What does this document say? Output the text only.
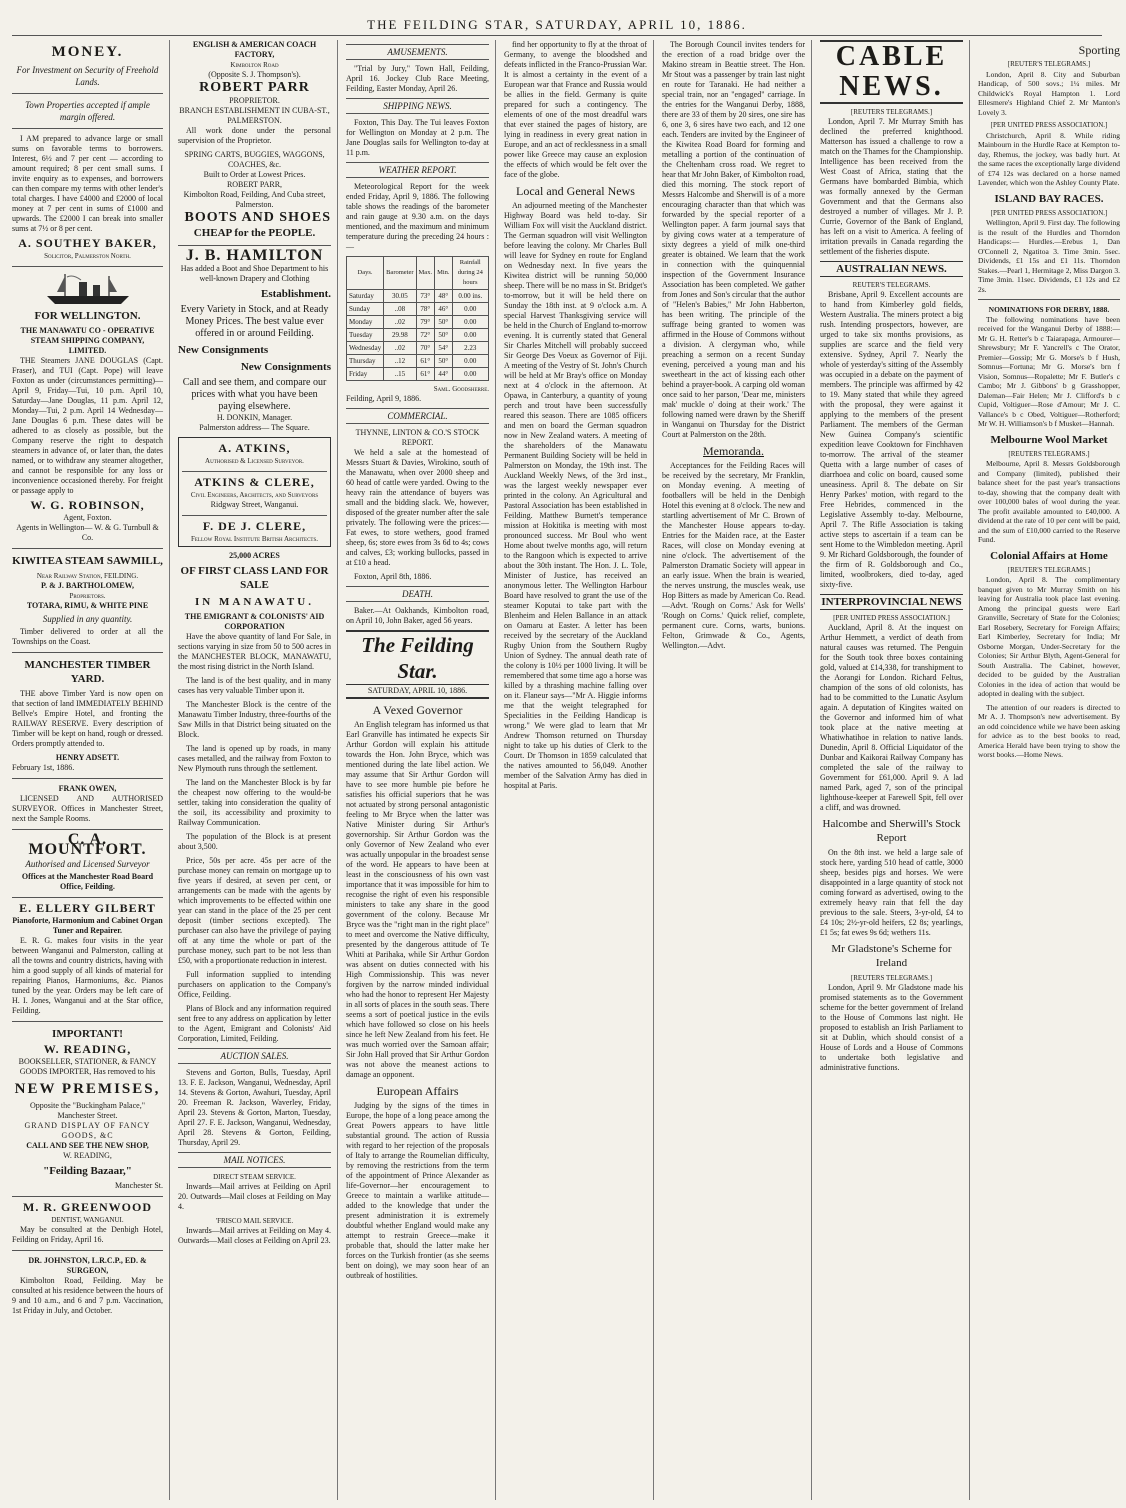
THE FEILDING STAR, SATURDAY, APRIL 10, 1886.
MONEY.
For Investment on Security of Freehold Lands.
Town Properties accepted if ample margin offered.

I AM prepared to advance large or small sums on favorable terms to borrowers. Interest, 6½ and 7 per cent — according to amount required; 8 per cent small sums. I invite enquiry as to expenses, and borrowers can then compare my terms with other lender's total charges. I have £4000 and £2000 of local money at 7 per cent in sums of £1000 and upwards. The £2000 I can break into smaller sums at 7½ or 8 per cent.

A. SOUTHEY BAKER,
Solicitor, Palmerston North.
FOR WELLINGTON.
THE MANAWATU CO - OPERATIVE STEAM SHIPPING COMPANY, LIMITED.

THE Steamers JANE DOUGLAS (Capt. Fraser), and TUI (Capt. Pope) will leave Foxton as under (circumstances permitting)— April 9, Friday—Tui, 10 p.m. April 10, Saturday—Jane Douglas, 11 p.m. April 12, Monday—Tui, 2 p.m. April 14 Wednesday—Jane Douglas 6 p.m. These dates will be adhered to as closely as possible, but the Company reserve the right to despatch steamers in advance of, or later than, the dates named, or to withdraw any steamer altogether, and cannot be responsible for any loss or inconvenience occasioned thereby. For freight or passage apply to

W. G. ROBINSON,
Agent, Foxton.
Agents in Wellington— W. & G. Turnbull & Co.
KIWITEA STEAM SAWMILL,
Near Railway Station, FEILDING.
P. & J. BARTHOLOMEW,
Proprietors.
TOTARA, RIMU, & WHITE PINE
Supplied in any quantity.

Timber delivered to order at all the Townships on the Coast.

MANCHESTER TIMBER YARD.

THE above Timber Yard is now open on that section of land IMMEDIATELY BEHIND Bellve's Empire Hotel, and fronting the RAILWAY RESERVE. Every description of Timber will be kept on hand, rough or dressed. Orders promptly attended to.

HENRY ADSETT.
February 1st, 1886.
FRANK OWEN,

LICENSED AND AUTHORISED SURVEYOR. Offices in Manchester Street, next the Sample Rooms.

C. A. MOUNTFORT.
Authorised and Licensed Surveyor
Offices at the Manchester Road Board Office, Feilding.
E. ELLERY GILBERT
Pianoforte, Harmonium and Cabinet Organ Tuner and Repairer.

E. R. G. makes four visits in the year between Wanganui and Palmerston, calling at all the towns and country districts, having with him a good supply of all kinds of material for repairing Pianos, Harmoniums, &c. Pianos tuned by the year. Orders may be left care of H. I. Jones, Wanganui and at the Star office, Feilding.

IMPORTANT!
W. READING,
BOOKSELLER, STATIONER, & FANCY GOODS IMPORTER, Has removed to his
NEW PREMISES,
Opposite the "Buckingham Palace," Manchester Street.
GRAND DISPLAY OF FANCY GOODS, &C
CALL AND SEE THE NEW SHOP,
W. READING,
"Feilding Bazaar,"
Manchester St.
M. R. GREENWOOD
DENTIST, WANGANUI.

May be consulted at the Denbigh Hotel, Feilding on Friday, April 16.

DR. JOHNSTON, L.R.C.P., ED. & SURGEON,

Kimbolton Road, Feilding. May be consulted at his residence between the hours of 9 and 10 a.m., and 6 and 7 p.m. Vaccination, 1st Friday in July, and October.

ENGLISH & AMERICAN COACH FACTORY,
Kimbolton Road
(Opposite S. J. Thompson's).
ROBERT PARR
PROPRIETOR.
BRANCH ESTABLISHMENT IN CUBA-ST., PALMERSTON.

All work done under the personal supervision of the Proprietor.

SPRING CARTS, BUGGIES, WAGGONS, COACHES, &c.
Built to Order at Lowest Prices.
ROBERT PARR,
Kimbolton Road, Feilding, And Cuba street, Palmerston.
BOOTS AND SHOES
CHEAP for the PEOPLE.
J. B. HAMILTON
Has added a Boot and Shoe Department to his well-known Drapery and Clothing
Establishment.
Every Variety in Stock, and at Ready Money Prices. The best value ever offered in or around Feilding.
New Consignments
New Consignments
Call and see them, and compare our prices with what you have been paying elsewhere.
H. DONKIN, Manager.
Palmerston address— The Square.
A. ATKINS,
Authorised & Licensed Surveyor.
ATKINS & CLERE,
Civil Engineers, Architects, and Surveyors
Ridgway Street, Wanganui.
F. DE J. CLERE,
Fellow Royal Institute British Architects.
25,000 ACRES
OF FIRST CLASS LAND FOR SALE
IN MANAWATU.
THE EMIGRANT & COLONISTS' AID CORPORATION

Have the above quantity of land For Sale, in sections varying in size from 50 to 500 acres in the MANCHESTER BLOCK, MANAWATU, the most rising district in the North Island.

The land is of the best quality, and in many cases has very valuable Timber upon it.

The Manchester Block is the centre of the Manawatu Timber Industry, three-fourths of the Saw Mills in that District being situated on the Block.

The land is opened up by roads, in many cases metalled, and the railway from Foxton to New Plymouth runs through the settlement.

The land on the Manchester Block is by far the cheapest now offering to the would-be settler, taking into consideration the quality of the soil, its accessibility and proximity to Railway Communication.

The population of the Block is at present about 3,500.

Price, 50s per acre. 45s per acre of the purchase money can remain on mortgage up to five years if desired, at seven per cent, or arrangements can be made with the agents by which improvements to be effected within one year can stand in the place of the 25 per cent deposit (timber sections excepted). The purchaser can also have the privilege of paying off at any time the whole or part of the purchase money, such part to be not less than £50, with a proportionate reduction in interest.

Full information supplied to intending purchasers on application to the Company's Office, Feilding.

Plans of Block and any information required sent free to any address on application by letter to the Agent, Emigrant and Colonists' Aid Corporation, Limited, Feilding.

AUCTION SALES.

Stevens and Gorton, Bulls, Tuesday, April 13. F. E. Jackson, Wanganui, Wednesday, April 14. Stevens & Gorton, Awahuri, Tuesday, April 20. Freeman R. Jackson, Waverley, Friday, April 23. Stevens & Gorton, Marton, Tuesday, April 27. F. E. Jackson, Wanganui, Wednesday, April 28. Stevens & Gorton, Feilding, Thursday, April 29.

MAIL NOTICES.
DIRECT STEAM SERVICE.

Inwards—Mail arrives at Feilding on April 20. Outwards—Mail closes at Feilding on May 4.

'FRISCO MAIL SERVICE.

Inwards—Mail arrives at Feilding on May 4. Outwards—Mail closes at Feilding on April 23.

AMUSEMENTS.

"Trial by Jury," Town Hall, Feilding, April 16. Jockey Club Race Meeting, Feilding, Easter Monday, April 26.

SHIPPING NEWS.

Foxton, This Day. The Tui leaves Foxton for Wellington on Monday at 2 p.m. The Jane Douglas sails for Wellington to-day at 11 p.m.

WEATHER REPORT.

Meteorological Report for the week ended Friday, April 9, 1886. The following table shows the readings of the barometer and rain gauge at 9.30 a.m. on the days mentioned, and the maximum and minimum temperature during the preceding 24 hours :—

Days.	Barometer	Max.	Min.	Rainfall during 24 hours
Saturday	30.05	73°	48°	0.00 ins.
Sunday	..08	78°	46°	0.00
Monday	..02	79°	50°	0.00
Tuesday	29.98	72°	50°	0.00
Wednesday	..02	70°	54°	2.23
Thursday	..12	61°	50°	0.00
Friday	..15	61°	44°	0.00
Saml. Goodsherre.
Feilding, April 9, 1886.
COMMERCIAL.
THYNNE, LINTON & CO.'S STOCK REPORT.

We held a sale at the homestead of Messrs Stuart & Davies, Wirokino, south of the Manawatu, when over 2000 sheep and 60 head of cattle were yarded. Owing to the heavy rain the attendance of buyers was small and the bidding slack. We, however, disposed of the greater number after the sale privately. The following were the prices:—Fat ewes, to store wethers, good framed sheep, 6s; store ewes from 3s 6d to 4s; cows and calves, £3; working bullocks, passed in at £10 a head.

Foxton, April 8th, 1886.

DEATH.

Baker.—At Oakhands, Kimbolton road, on April 10, John Baker, aged 56 years.

The Feilding Star.
SATURDAY, APRIL 10, 1886.
A Vexed Governor

An English telegram has informed us that Earl Granville has intimated he expects Sir Arthur Gordon will explain his attitude towards the Hon. John Bryce, which was mentioned during the late libel action. We may assume that Sir Arthur Gordon will have to see more humble pie before he satisfies his official superiors that he was not actuated by strong personal antagonistic feeling to Mr Bryce when the latter was Native Minister during Sir Arthur's governorship. Sir Arthur Gordon was the only Governor of New Zealand who ever was actually unpopular in the broadest sense of the word. He appears to have been at least in the consciousness of his own vast importance that it was impossible for him to recognise the right of even his responsible ministers to take any share in the good government of the colony. Because Mr Bryce was the "right man in the right place" to meet and overcome the Native difficulty, presented by the dangerous attitude of Te Whiti at Parihaka, while Sir Arthur Gordon was absent on duties connected with his High Commissionship. This was never forgiven by the narrow minded individual who had the honor to represent Her Majesty in all sorts of places in the south seas. There seems a sort of poetical justice in the evils which have followed so close on his heels since he left New Zealand from his feet. He was much worried over the Samoan affair; Sir John Hall proved that Sir Arthur Gordon was not above the meanest actions to damage an opponent.

European Affairs

Judging by the signs of the times in Europe, the hope of a long peace among the Great Powers appears to have little substantial ground. The action of Russia with regard to her rejection of the proposals of Italy to arrange the Roumelian difficulty, by removing the restrictions from the term of the appointment of Prince Alexander as life-Governor—her encouragement to Greece to maintain a warlike attitude—added to the knowledge that under the present administration it is extremely doubtful whether England would make any attempt to restrain Greece—make it probable that, should the latter make her forces on the Turkish frontier (as she seems bent on doing), we may soon hear of an outbreak of hostilities.

find her opportunity to fly at the throat of Germany, to avenge the bloodshed and defeats inflicted in the Franco-Prussian War. It is almost a certainty in the event of a European war that France and Russia would be allies in the field. Germany is quite prepared for such a contingency. The elements of one of the most dreadful wars that ever stained the pages of history, are lying in readiness in every great nation in Europe, and an act of recklessness in a small power like Greece may cause an explosion the effects of which would be felt over the face of the globe.

Local and General News

An adjourned meeting of the Manchester Highway Board was held to-day. Sir William Fox will visit the Auckland district. The German squadron will visit Wellington before leaving the colony. Mr Charles Bull will leave for Sydney en route for England on Wednesday next. In five years the Kiwitea district will be running 50,000 sheep. There will be no mass in St. Bridget's to-morrow, but it will be held there on Sunday the 18th inst. at 9 o'clock a.m. A special Harvest Thanksgiving service will be held in the Church of England to-morrow evening. It is currently stated that General Sir Charles Mitchell will probably succeed Sir George Des Voeux as Governor of Fiji. A meeting of the Vestry of St. John's Church will be held at Mr Bray's office on Monday next at 4 o'clock in the afternoon. At Opawa, in Canterbury, a quantity of young perch and trout have been successfully reared this season. There are 1085 officers and men on board the German squadron now in New Zealand waters. A meeting of the shareholders of the Manawatu Permanent Building Society will be held in Palmerston on Monday, the 19th inst. The Auckland Weekly News, of the 3rd inst., was the largest weekly newspaper ever printed in the colony. An Agricultural and Pastoral Association has been established in Feilding. Matthew Burnett's temperance mission at Hokitika is meeting with most pronounced success. Mr Boul who went Home about twelve months ago, will return to the Rangoon which is expected to arrive about the 30th instant. The Hon. J. L. Tole, Minister of Justice, has received an anonymous letter. The Wellington Harbour Board have resolved to grant the use of the steamer Koputai to take part with the Blenheim and Helen Ballance in an attack on Oamaru at Easter. A letter has been received by the secretary of the Auckland Rugby Union from the Southern Rugby Union of Sydney. The annual death rate of the colony is 10½ per 1000 living. It will be remembered that some time ago a horse was killed by a thrashing machine falling over on it. Flaneur says—"Mr A. Higgie informs me that the weight telegraphed for Specialities in the Feilding Handicap is wrong." We were glad to learn that Mr Andrew Thomson returned on Thursday night to take up his duties of Clerk to the Court. Dr Thomson in 1859 calculated that the natives amounted to 56,049. Another member of the Salvation Army has died in hospital at Paris.

The Borough Council invites tenders for the erection of a road bridge over the Makino stream in Beattie street. The Hon. Mr Stout was a passenger by train last night en route for Taranaki. He had neither a special train, nor an "engaged" carriage. In the entries for the Wanganui Derby, 1888, there are 33 of them by 20 sires, one sire has 6, one 3, 6 sires have two each, and 12 one each. Tenders are invited by the Engineer of the Kiwitea Road Board for forming and metalling a portion of the continuation of the Cheltenham cross road. We regret to hear that Mr John Baker, of Kimbolton road, died this morning. The stock report of Messrs Halcombe and Sherwill is of a more encouraging character than that which was forwarded by the special reporter of a Wellington paper. A farm journal says that by giving cows water at a temperature of sixty degrees a yield of milk one-third greater is obtained. We learn that the work in connection with the quinquennial inspection of the Government Insurance Association has been completed. We gather from Jones and Son's circular that the author of "Helen's Babies," Mr John Habberton, has been writing. The principle of the suffrage being granted to women was affirmed in the House of Commons without a division. A clergyman who, while preaching a sermon on a recent Sunday evening, perceived a young man and his sweetheart in the act of kissing each other behind a prayer-book. A carping old woman once said to her parson, 'Dear me, ministers mak' muckle o' doing at their work.' The following named were drawn by the Sheriff in Wanganui on Thursday for the District Court at Palmerston on the 28th.

Memoranda.

Acceptances for the Feilding Races will be received by the secretary, Mr Franklin, on Monday evening. A meeting of footballers will be held in the Denbigh Hotel this evening at 8 o'clock. The new and startling advertisement of Mr C. Brown of the Manchester House appears to-day. Entries for the Maiden race, at the Easter Races, will close on Monday evening at nine o'clock. The advertisement of the Palmerston Dramatic Society will appear in an early issue. When the brain is wearied, the nerves unstrung, the muscles weak, use Hop Bitters as made by American Co. Read.—Advt. 'Rough on Corns.' Ask for Wells' 'Rough on Corns.' Quick relief, complete, permanent cure. Corns, warts, bunions. Felton, Grimwade & Co., Agents, Wellington.—Advt.

CABLE NEWS.
[REUTERS TELEGRAMS.]

London, April 7. Mr Murray Smith has declined the preferred knighthood. Matterson has issued a challenge to row a match on the Thames for the Championship. Intelligence has been received from the West Coast of Africa, stating that the Germans have bombarded Bimbia, which was formally annexed by the German Government and that the Germans also destroyed a number of villages. Mr J. P. Currie, Governor of the Bank of England, has left on a visit to America. A feeling of irritation prevails in Canada regarding the settlement of the fisheries dispute.

AUSTRALIAN NEWS.
REUTER'S TELEGRAMS.

Brisbane, April 9. Excellent accounts are to hand from Kimberley gold fields, Western Australia. The miners protect a big rush. Intending prospectors, however, are urged to take six months provisions, as supplies are scarce and the field very extensive. Sydney, April 7. Nearly the whole of yesterday's sitting of the Assembly was occupied in a debate on the payment of members. The principle was affirmed by 42 to 19. Many stated that while they agreed with the proposal, they were against it applying to the members of the present Parliament. The members of the German New Guinea Company's scientific expedition leave Cooktown for Finchhaven to-morrow. The arrival of the steamer Quetta with a large number of cases of diarrhoea and colic on board, caused some uneasiness. April 8. The debate on Sir Henry Parkes' motion, with regard to the Free Hebrides, commenced in the Legislative Assembly to-day. Melbourne, April 7. The Rifle Association is taking active steps to ascertain if a team can be sent Home to the Wimbledon meeting. April 9. Mr Richard Goldsborough, the founder of the firm of R. Goldsborough and Co., limited, woolbrokers, died to-day, aged sixty-five.

INTERPROVINCIAL NEWS
[PER UNITED PRESS ASSOCIATION.]

Auckland, April 8. At the inquest on Arthur Hemmett, a verdict of death from natural causes was returned. The Penguin for the South took three boxes containing gold, valued at £14,338, for transhipment to the Aorangi for London. Richard Feltus, champion of the sons of old colonists, has had to be committed to the Lunatic Asylum again. A deputation of Kingites waited on the Governor and informed him of what took place at the native meeting at Whatiwhatihoe in relation to native lands. Dunedin, April 8. Official Liquidator of the Dunbar and Kaikorai Railway Company has completed the sale of the railway to Government for £61,000. April 9. A lad named Park, aged 7, son of the principal lighthouse-keeper at Farewell Spit, fell over a cliff, and was drowned.

Halcombe and Sherwill's Stock Report

On the 8th inst. we held a large sale of stock here, yarding 510 head of cattle, 3000 sheep, besides pigs and horses. We were disappointed in a large quantity of stock not coming forward as advertised, owing to the extremely heavy rain that fell the day previous to the sale. Steers, 3-yr-old, £4 to £4 10s; 2½-yr-old heifers, £2 8s; yearlings, £1 5s; fat ewes 9s 6d; wethers 11s.

Mr Gladstone's Scheme for Ireland
[REUTERS TELEGRAMS.]

London, April 9. Mr Gladstone made his promised statements as to the Government scheme for the better government of Ireland to the House of Commons last night. He proposed to establish an Irish Parliament to sit at Dublin, which should consist of a House of Lords and a House of Commons to undertake both legislative and administrative functions.

Sporting
[REUTER'S TELEGRAMS.]

London, April 8. City and Suburban Handicap, of 500 sovs.; 1¼ miles. Mr Childwick's Royal Hampton 1. Lord Ellesmere's Highland Chief 2. Mr Manton's Lovely 3.

[PER UNITED PRESS ASSOCIATION.]

Christchurch, April 8. While riding Mainbourn in the Hurdle Race at Kempton to-day, Rhemus, the jockey, was badly hurt. At the same races the exceptionally large dividend of £74 12s was declared on a horse named Lavender, which won the Ashley County Plate.

ISLAND BAY RACES.
[PER UNITED PRESS ASSOCIATION.]

Wellington, April 9. First day. The following is the result of the Hurdles and Thorndon Handicaps:— Hurdles.—Erebus 1, Dan O'Connell 2, Ngatitoa 3. Time 3min. 5sec. Dividends, £1 15s and £1 11s. Thorndon Stakes.—Pearl 1, Hermitage 2, Miss Dargon 3. Time 3min. 11sec. Dividends, £1 12s and £2 2s.

NOMINATIONS FOR DERBY, 1888.

The following nominations have been received for the Wanganui Derby of 1888:—Mr G. H. Retter's b c Taiarapaga, Armourer—Shrewsbury; Mr F. Yancrell's c The Orator, Premier—Gossip; Mr G. Morse's b f Hush, Somnus—Fortuna; Mr G. Morse's brn f Vision, Somnus—Ropalette; Mr F. Butler's c Cambo; Mr J. Gibbons' b g Grasshopper, Daleman—Fair Helen; Mr J. Clifford's b c Cupid, Voltiguer—Rose d'Amour; Mr J. C. Vallance's b c Obed, Voltiguer—Rotherford; Mr W. H. Williamson's b f Musket—Hannah.

Melbourne Wool Market
[REUTERS TELEGRAMS.]

Melbourne, April 8. Messrs Goldsborough and Company (limited), published their balance sheet for the past year's transactions to-day, showing that the company dealt with over 100,000 bales of wool during the year. The profit available amounted to £40,000. A dividend at the rate of 10 per cent will be paid, and the sum of £10,000 carried to the Reserve Fund.

Colonial Affairs at Home
[REUTER'S TELEGRAMS.]

London, April 8. The complimentary banquet given to Mr Murray Smith on his leaving for Australia took place last evening. Among the principal guests were Earl Granville, Secretary of State for the Colonies; Earl Rosebery, Secretary for Foreign Affairs; Earl Kimberley, Secretary for India; Mr Osborne Morgan, Under-Secretary for the Colonies; Sir Arthur Blyth, Agent-General for South Australia. The Cabinet, however, decided to be guided by the Australian Colonies in the idea of action that would be adopted in dealing with the subject.

The attention of our readers is directed to Mr A. J. Thompson's new advertisement. By an odd coincidence while we have been asking for advice as to the best books to read, America Herald have been trying to show the worst books.—Home News.
